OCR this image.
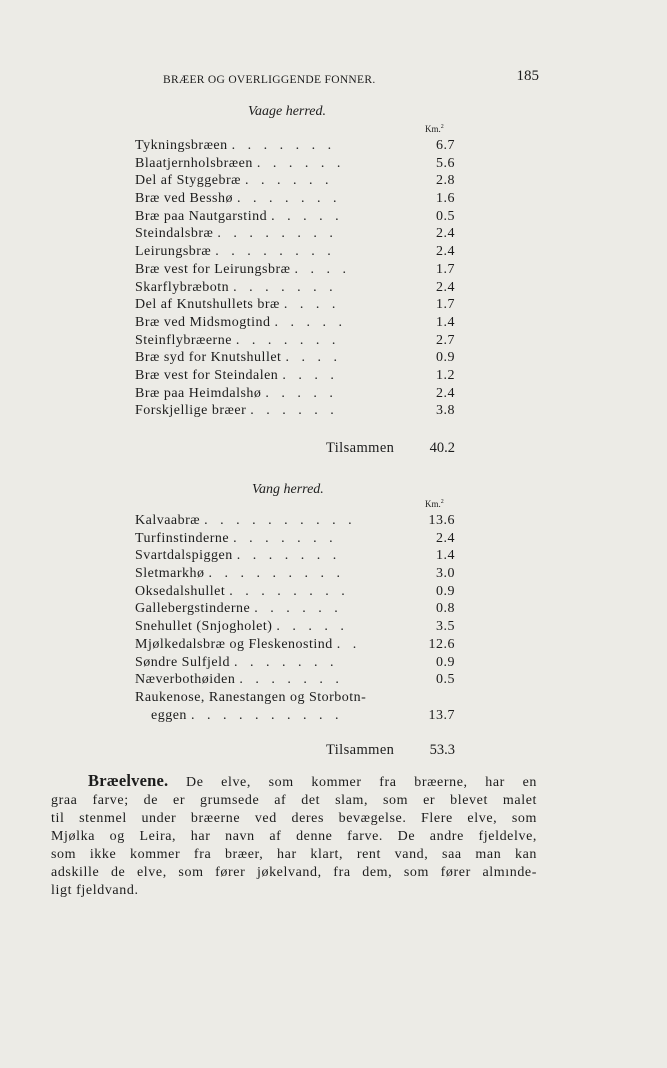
BRÆER OG OVERLIGGENDE FONNER.	185
Vaage herred.
Km.$^2$
Tykningsbræen . . . . . . .	6.7
Blaatjernholsbræen . . . . . .	5.6
Del af Styggebræ . . . . . .	2.8
Bræ ved Besshø . . . . . . .	1.6
Bræ paa Nautgarstind . . . . .	0.5
Steindalsbræ . . . . . . . .	2.4
Leirungsbræ . . . . . . . .	2.4
Bræ vest for Leirungsbræ . . . .	1.7
Skarflybræbotn . . . . . . .	2.4
Del af Knutshullets bræ . . . .	1.7
Bræ ved Midsmogtind . . . . .	1.4
Steinflybræerne . . . . . . .	2.7
Bræ syd for Knutshullet . . . .	0.9
Bræ vest for Steindalen . . . .	1.2
Bræ paa Heimdalshø . . . . .	2.4
Forskjellige bræer . . . . . .	3.8
Tilsammen	40.2
Vang herred.
Km.$^2$
Kalvaabræ . . . . . . . . . .	13.6
Turfinstinderne . . . . . . .	2.4
Svartdalspiggen . . . . . . .	1.4
Sletmarkhø . . . . . . . . .	3.0
Oksedalshullet . . . . . . . .	0.9
Gallebergstinderne . . . . . .	0.8
Snehullet (Snjogholet) . . . . .	3.5
Mjølkedalsbræ og Fleskenostind . .	12.6
Søndre Sulfjeld . . . . . . .	0.9
Næverbothøiden . . . . . . .	0.5
Raukenose, Ranestangen og Storbotn-
eggen . . . . . . . . . .	13.7
Tilsammen	53.3
Bræelvene. De elve, som kommer fra bræerne, har en
graa farve; de er grumsede af det slam, som er blevet malet
til stenmel under bræerne ved deres bevægelse. Flere elve, som
Mjølka og Leira, har navn af denne farve. De andre fjeldelve,
som ikke kommer fra bræer, har klart, rent vand, saa man kan
adskille de elve, som fører jøkelvand, fra dem, som fører almınde-
ligt fjeldvand.
